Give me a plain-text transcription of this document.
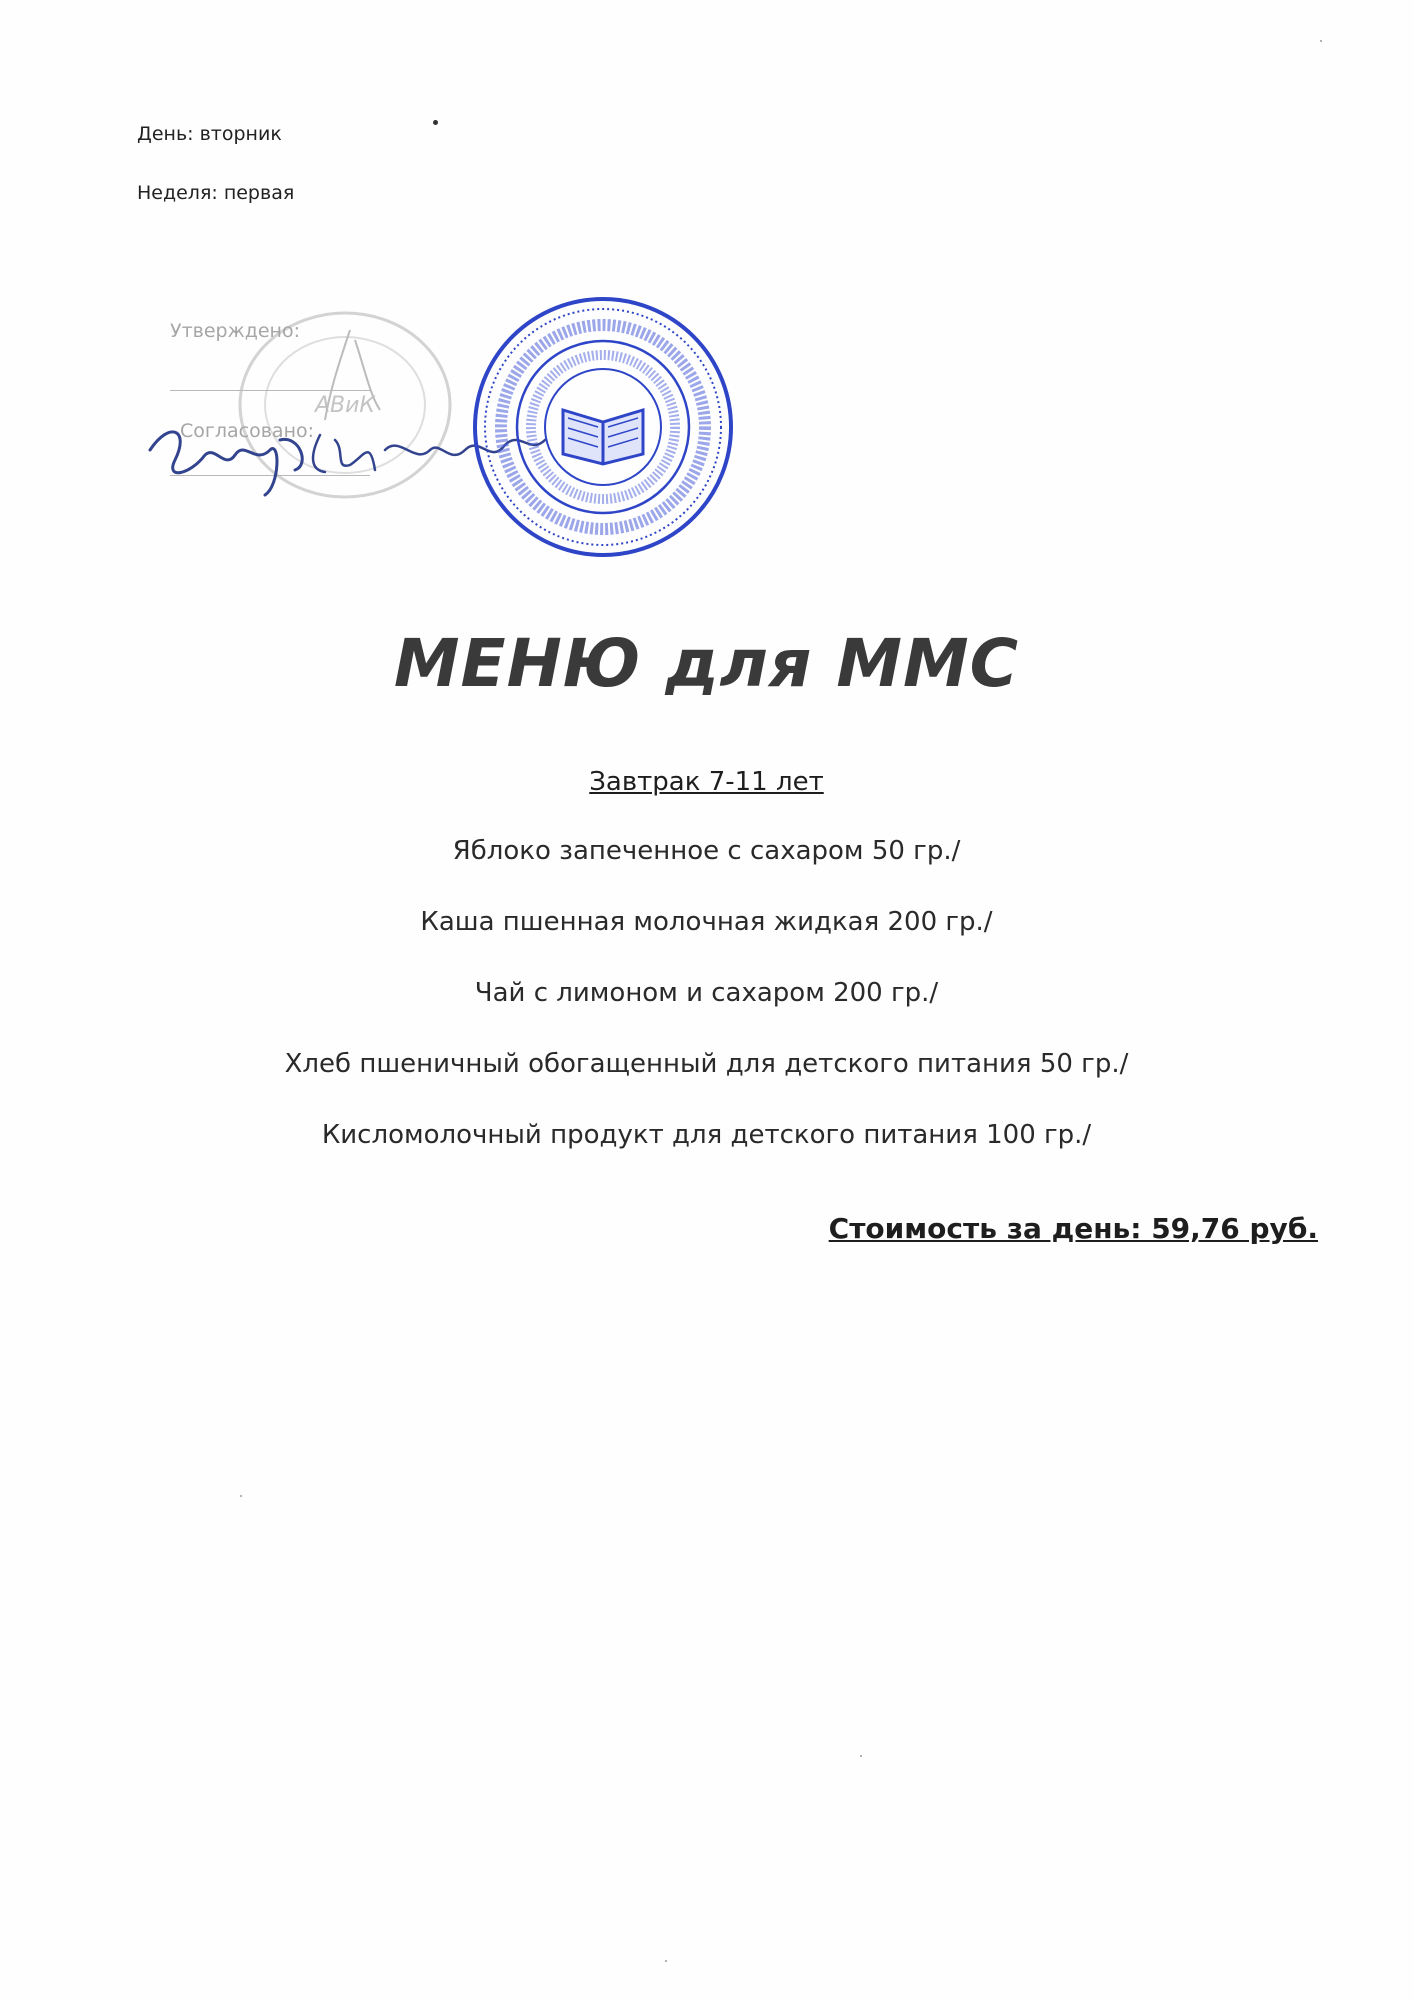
День: вторник
Неделя: первая
АВиК
Утверждено:
Согласовано:
МЕНЮ для ММС
Завтрак 7-11 лет
Яблоко запеченное с сахаром 50 гр./
Каша пшенная молочная жидкая 200 гр./
Чай с лимоном и сахаром 200 гр./
Хлеб пшеничный обогащенный для детского питания 50 гр./
Кисломолочный продукт для детского питания 100 гр./
Стоимость за день: 59,76 руб.
